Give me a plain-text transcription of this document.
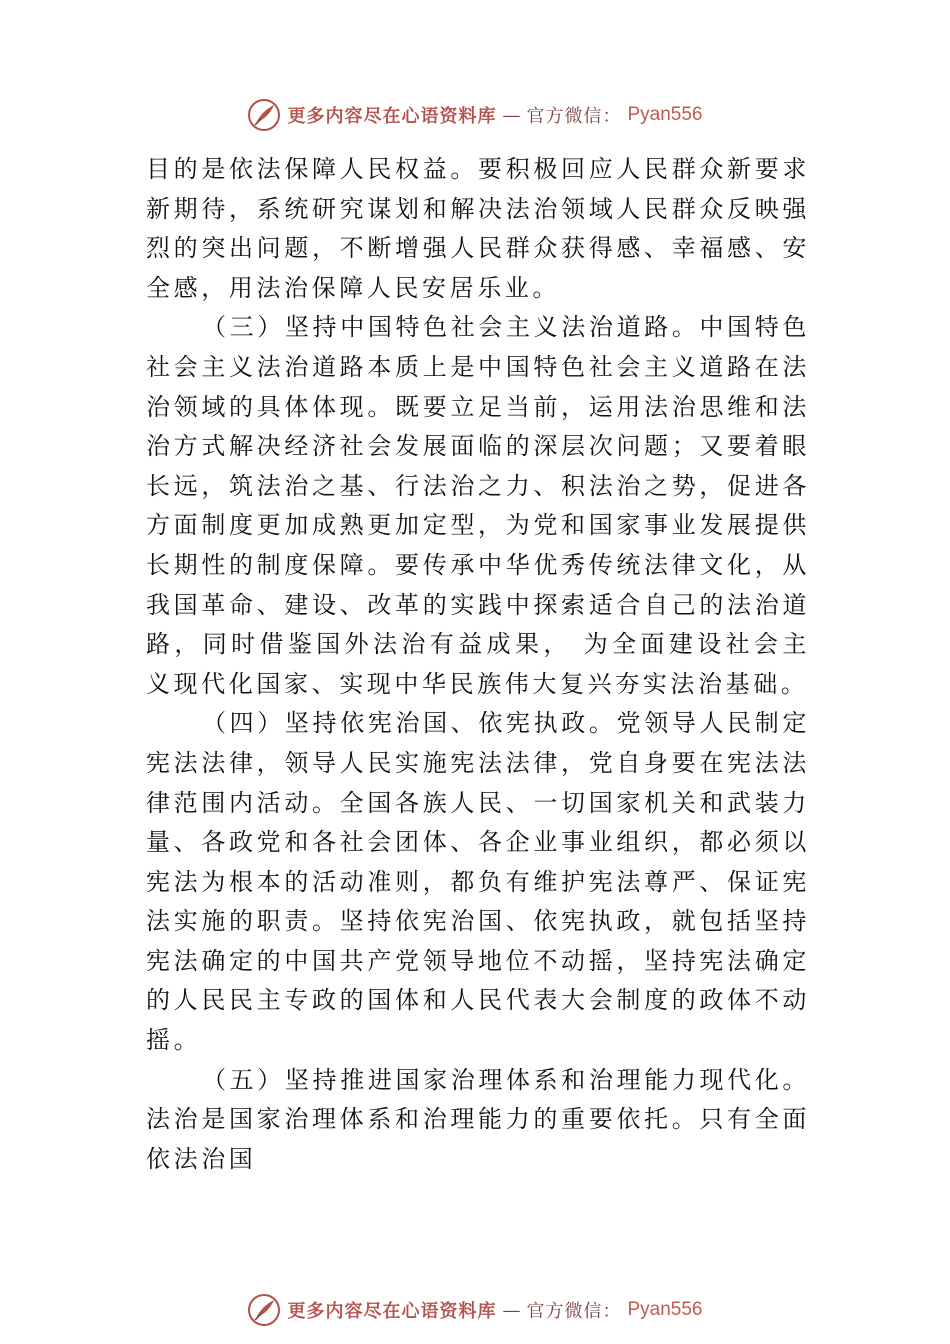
更多内容尽在心语资料库 — 官方微信： Pyan556

目的是依法保障人民权益。要积极回应人民群众新要求新期待，系统研究谋划和解决法治领域人民群众反映强烈的突出问题，不断增强人民群众获得感、幸福感、安全感，用法治保障人民安居乐业。

（三）坚持中国特色社会主义法治道路。中国特色社会主义法治道路本质上是中国特色社会主义道路在法治领域的具体体现。既要立足当前，运用法治思维和法治方式解决经济社会发展面临的深层次问题；又要着眼长远，筑法治之基、行法治之力、积法治之势，促进各方面制度更加成熟更加定型，为党和国家事业发展提供长期性的制度保障。要传承中华优秀传统法律文化，从我国革命、建设、改革的实践中探索适合自己的法治道路，同时借鉴国外法治有益成果， 为全面建设社会主义现代化国家、实现中华民族伟大复兴夯实法治基础。

（四）坚持依宪治国、依宪执政。党领导人民制定宪法法律，领导人民实施宪法法律，党自身要在宪法法律范围内活动。全国各族人民、一切国家机关和武装力量、各政党和各社会团体、各企业事业组织，都必须以宪法为根本的活动准则，都负有维护宪法尊严、保证宪法实施的职责。坚持依宪治国、依宪执政，就包括坚持宪法确定的中国共产党领导地位不动摇，坚持宪法确定的人民民主专政的国体和人民代表大会制度的政体不动摇。

（五）坚持推进国家治理体系和治理能力现代化。法治是国家治理体系和治理能力的重要依托。只有全面依法治国

更多内容尽在心语资料库 — 官方微信： Pyan556
